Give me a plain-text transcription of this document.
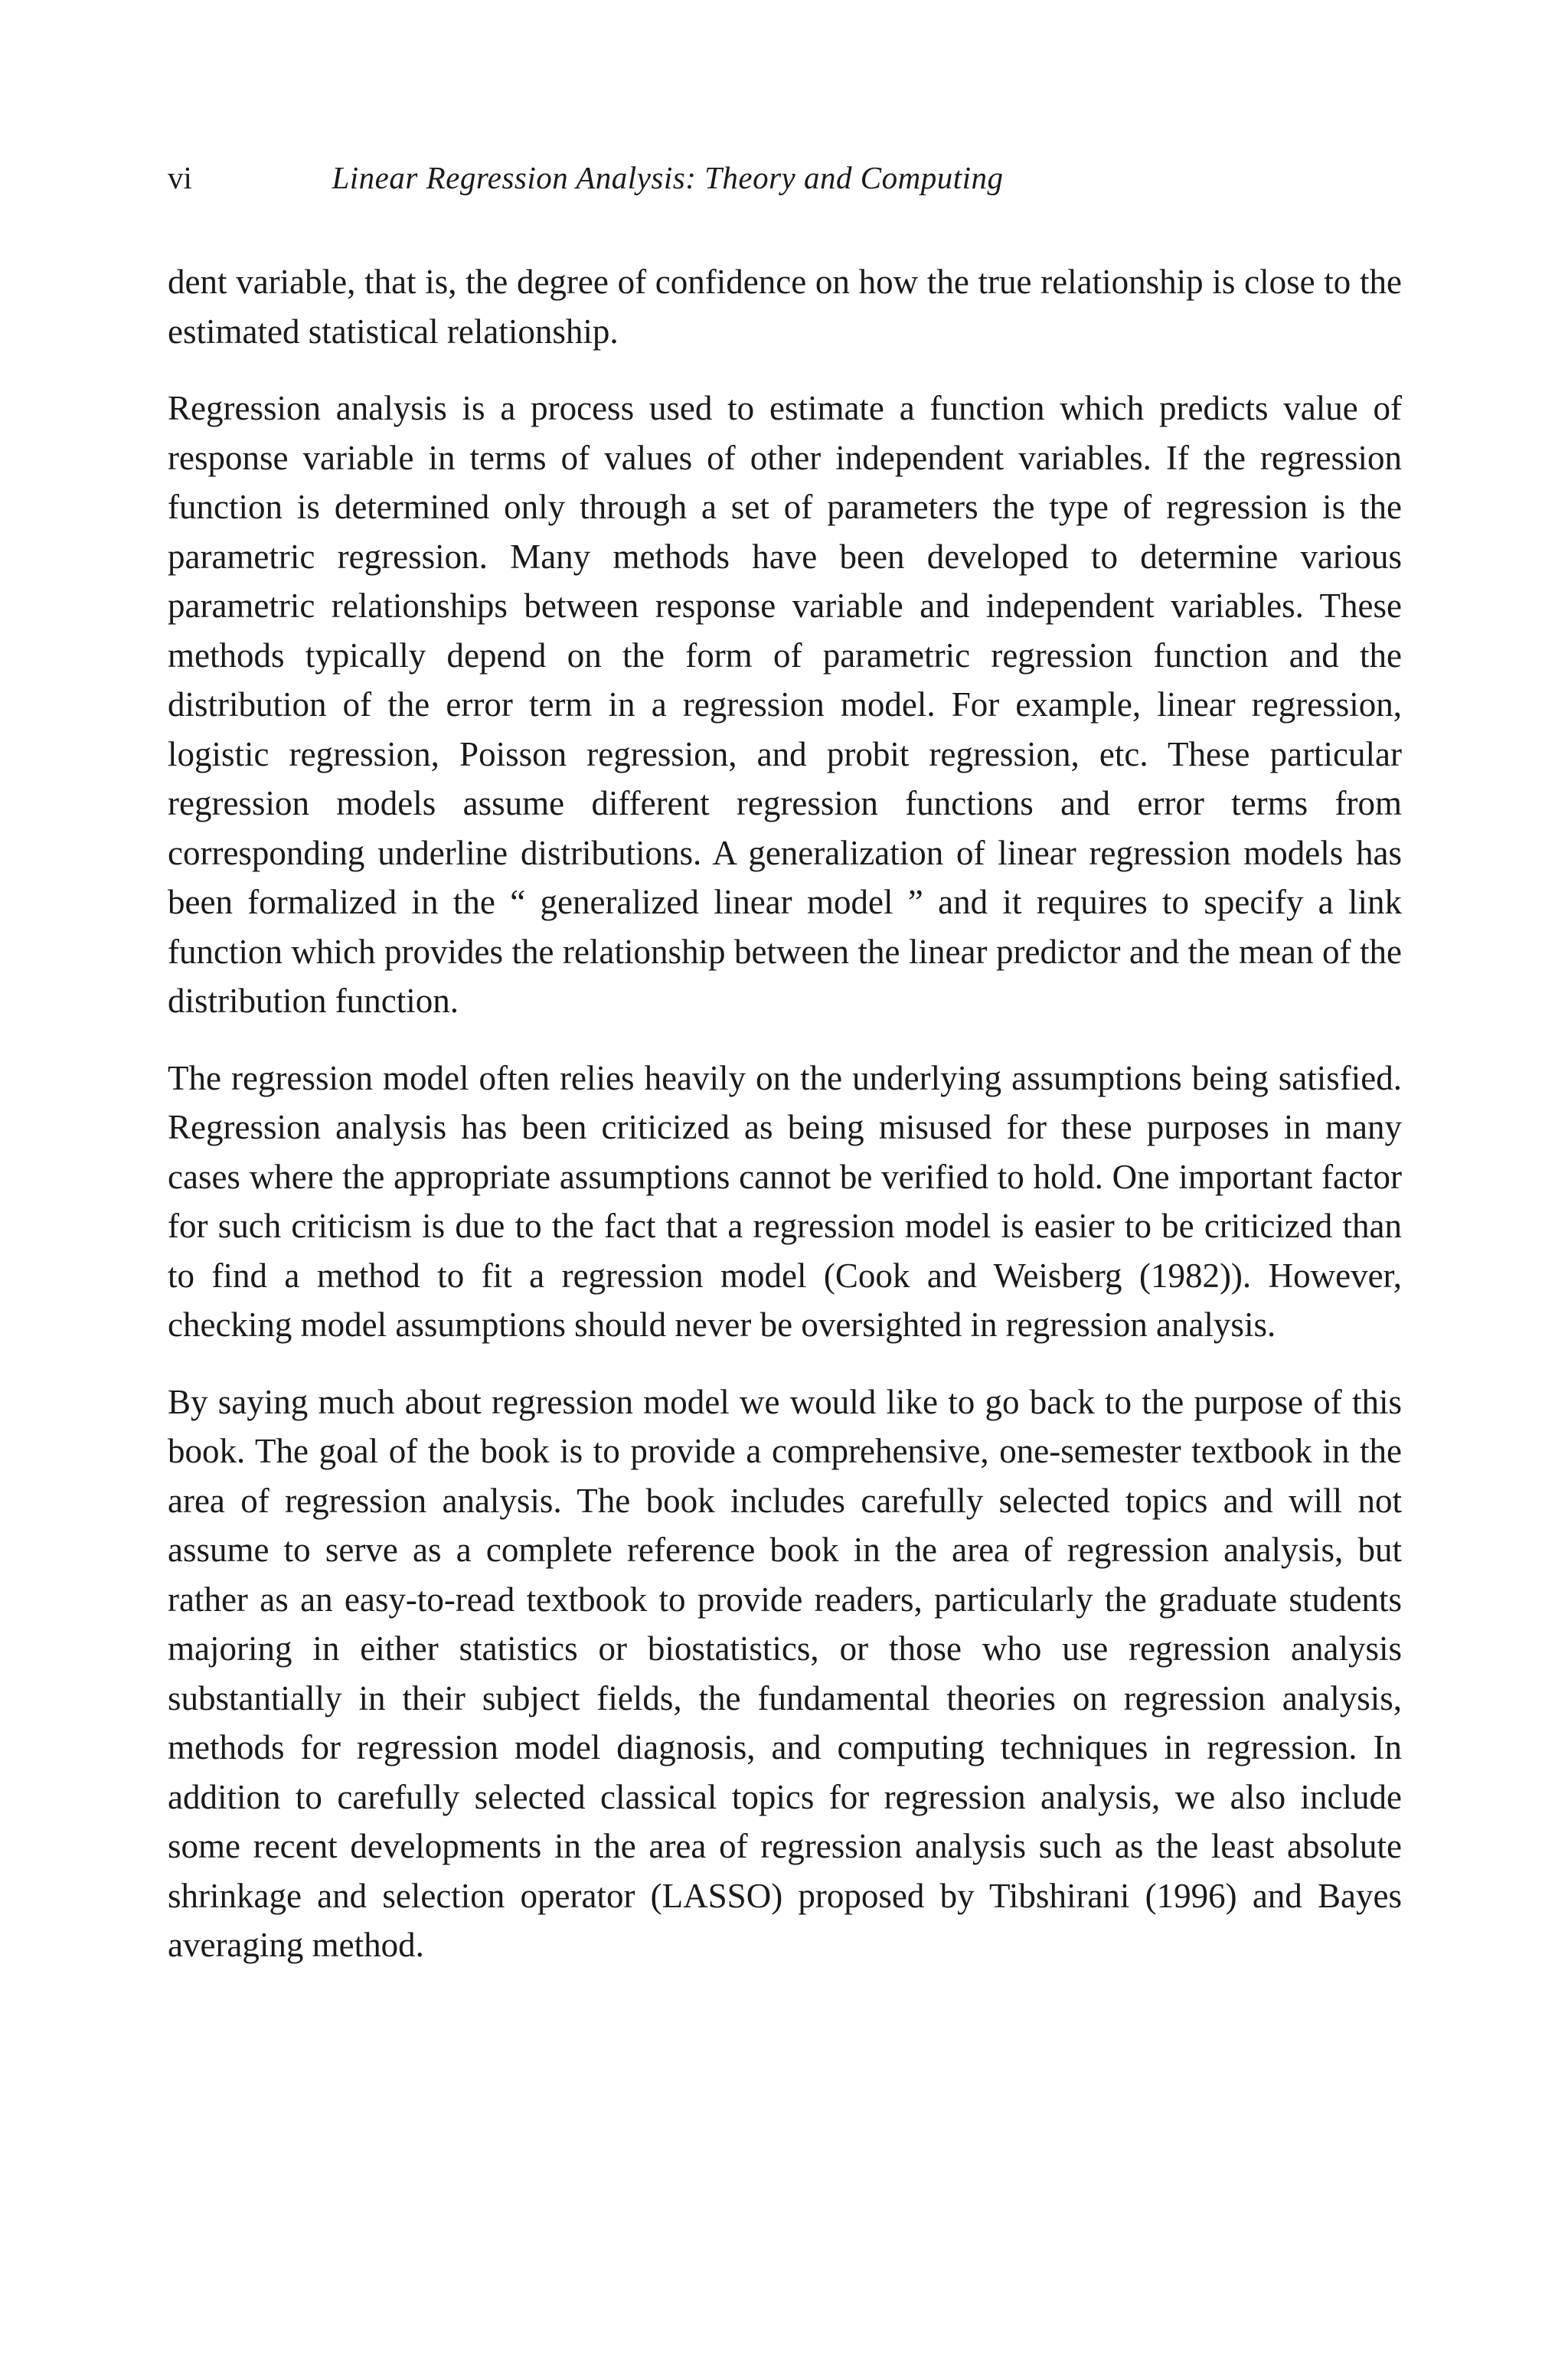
vi	Linear Regression Analysis: Theory and Computing

dent variable, that is, the degree of confidence on how the true relationship is close to the estimated statistical relationship.

Regression analysis is a process used to estimate a function which predicts value of response variable in terms of values of other independent variables. If the regression function is determined only through a set of parameters the type of regression is the parametric regression. Many methods have been developed to determine various parametric relationships between response variable and independent variables. These methods typically depend on the form of parametric regression function and the distribution of the error term in a regression model. For example, linear regression, logistic regression, Poisson regression, and probit regression, etc. These particular regression models assume different regression functions and error terms from corresponding underline distributions. A generalization of linear regression models has been formalized in the “ generalized linear model ” and it requires to specify a link function which provides the relationship between the linear predictor and the mean of the distribution function.

The regression model often relies heavily on the underlying assumptions being satisfied. Regression analysis has been criticized as being misused for these purposes in many cases where the appropriate assumptions cannot be verified to hold. One important factor for such criticism is due to the fact that a regression model is easier to be criticized than to find a method to fit a regression model (Cook and Weisberg (1982)). However, checking model assumptions should never be oversighted in regression analysis.

By saying much about regression model we would like to go back to the purpose of this book. The goal of the book is to provide a comprehensive, one-semester textbook in the area of regression analysis. The book includes carefully selected topics and will not assume to serve as a complete reference book in the area of regression analysis, but rather as an easy-to-read textbook to provide readers, particularly the graduate students majoring in either statistics or biostatistics, or those who use regression analysis substantially in their subject fields, the fundamental theories on regression analysis, methods for regression model diagnosis, and computing techniques in regression. In addition to carefully selected classical topics for regression analysis, we also include some recent developments in the area of regression analysis such as the least absolute shrinkage and selection operator (LASSO) proposed by Tibshirani (1996) and Bayes averaging method.
